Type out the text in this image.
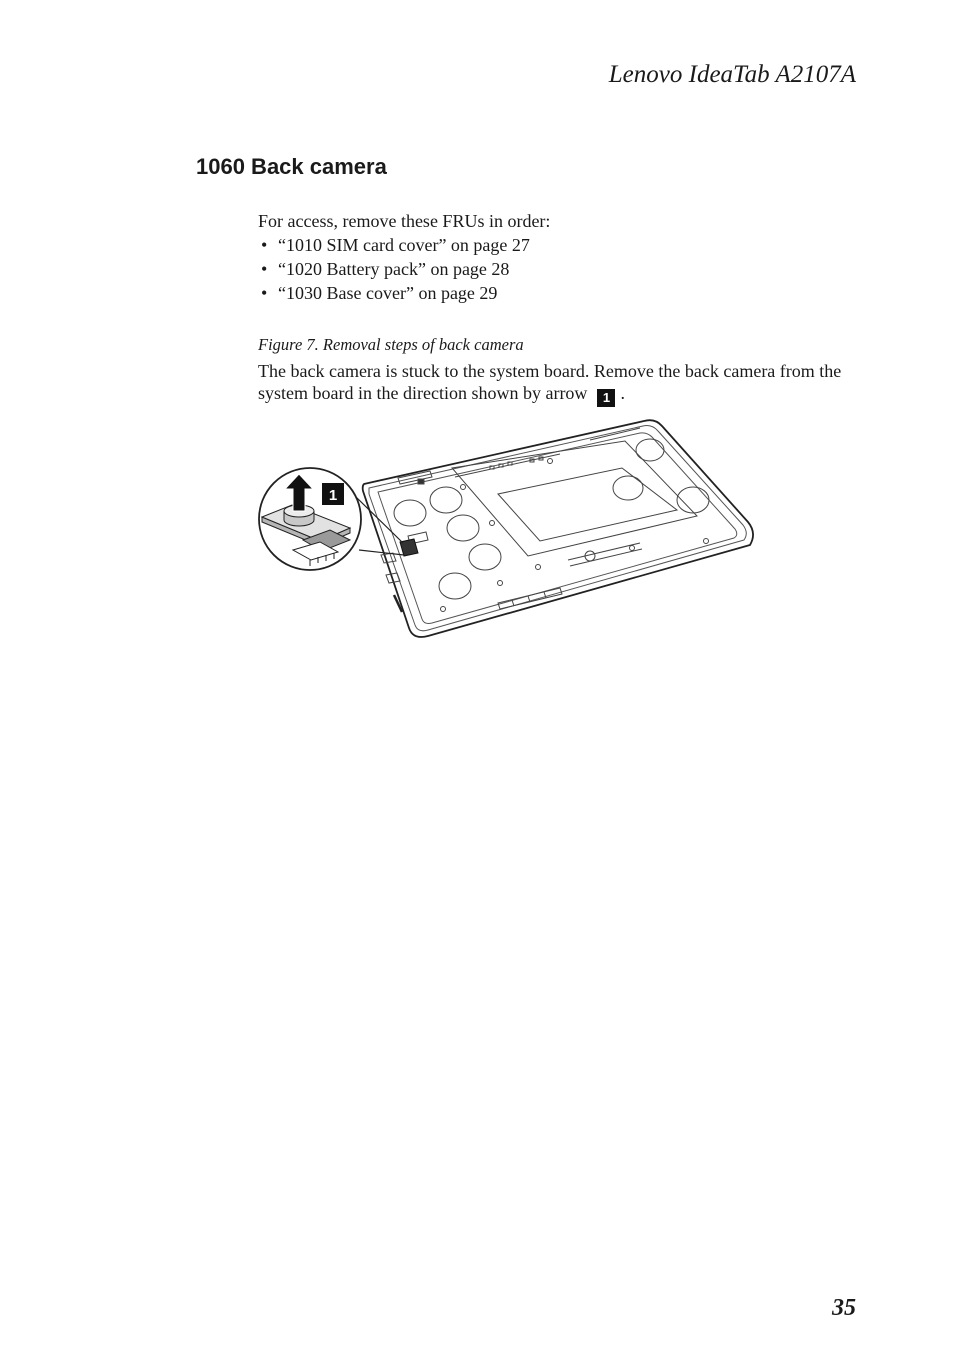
Lenovo IdeaTab A2107A
1060 Back camera

For access, remove these FRUs in order:

• “1010 SIM card cover” on page 27
• “1020 Battery pack” on page 28
• “1030 Base cover” on page 29

Figure 7. Removal steps of back camera

The back camera is stuck to the system board. Remove the back camera from the system board in the direction shown by arrow 1 .

1
35
